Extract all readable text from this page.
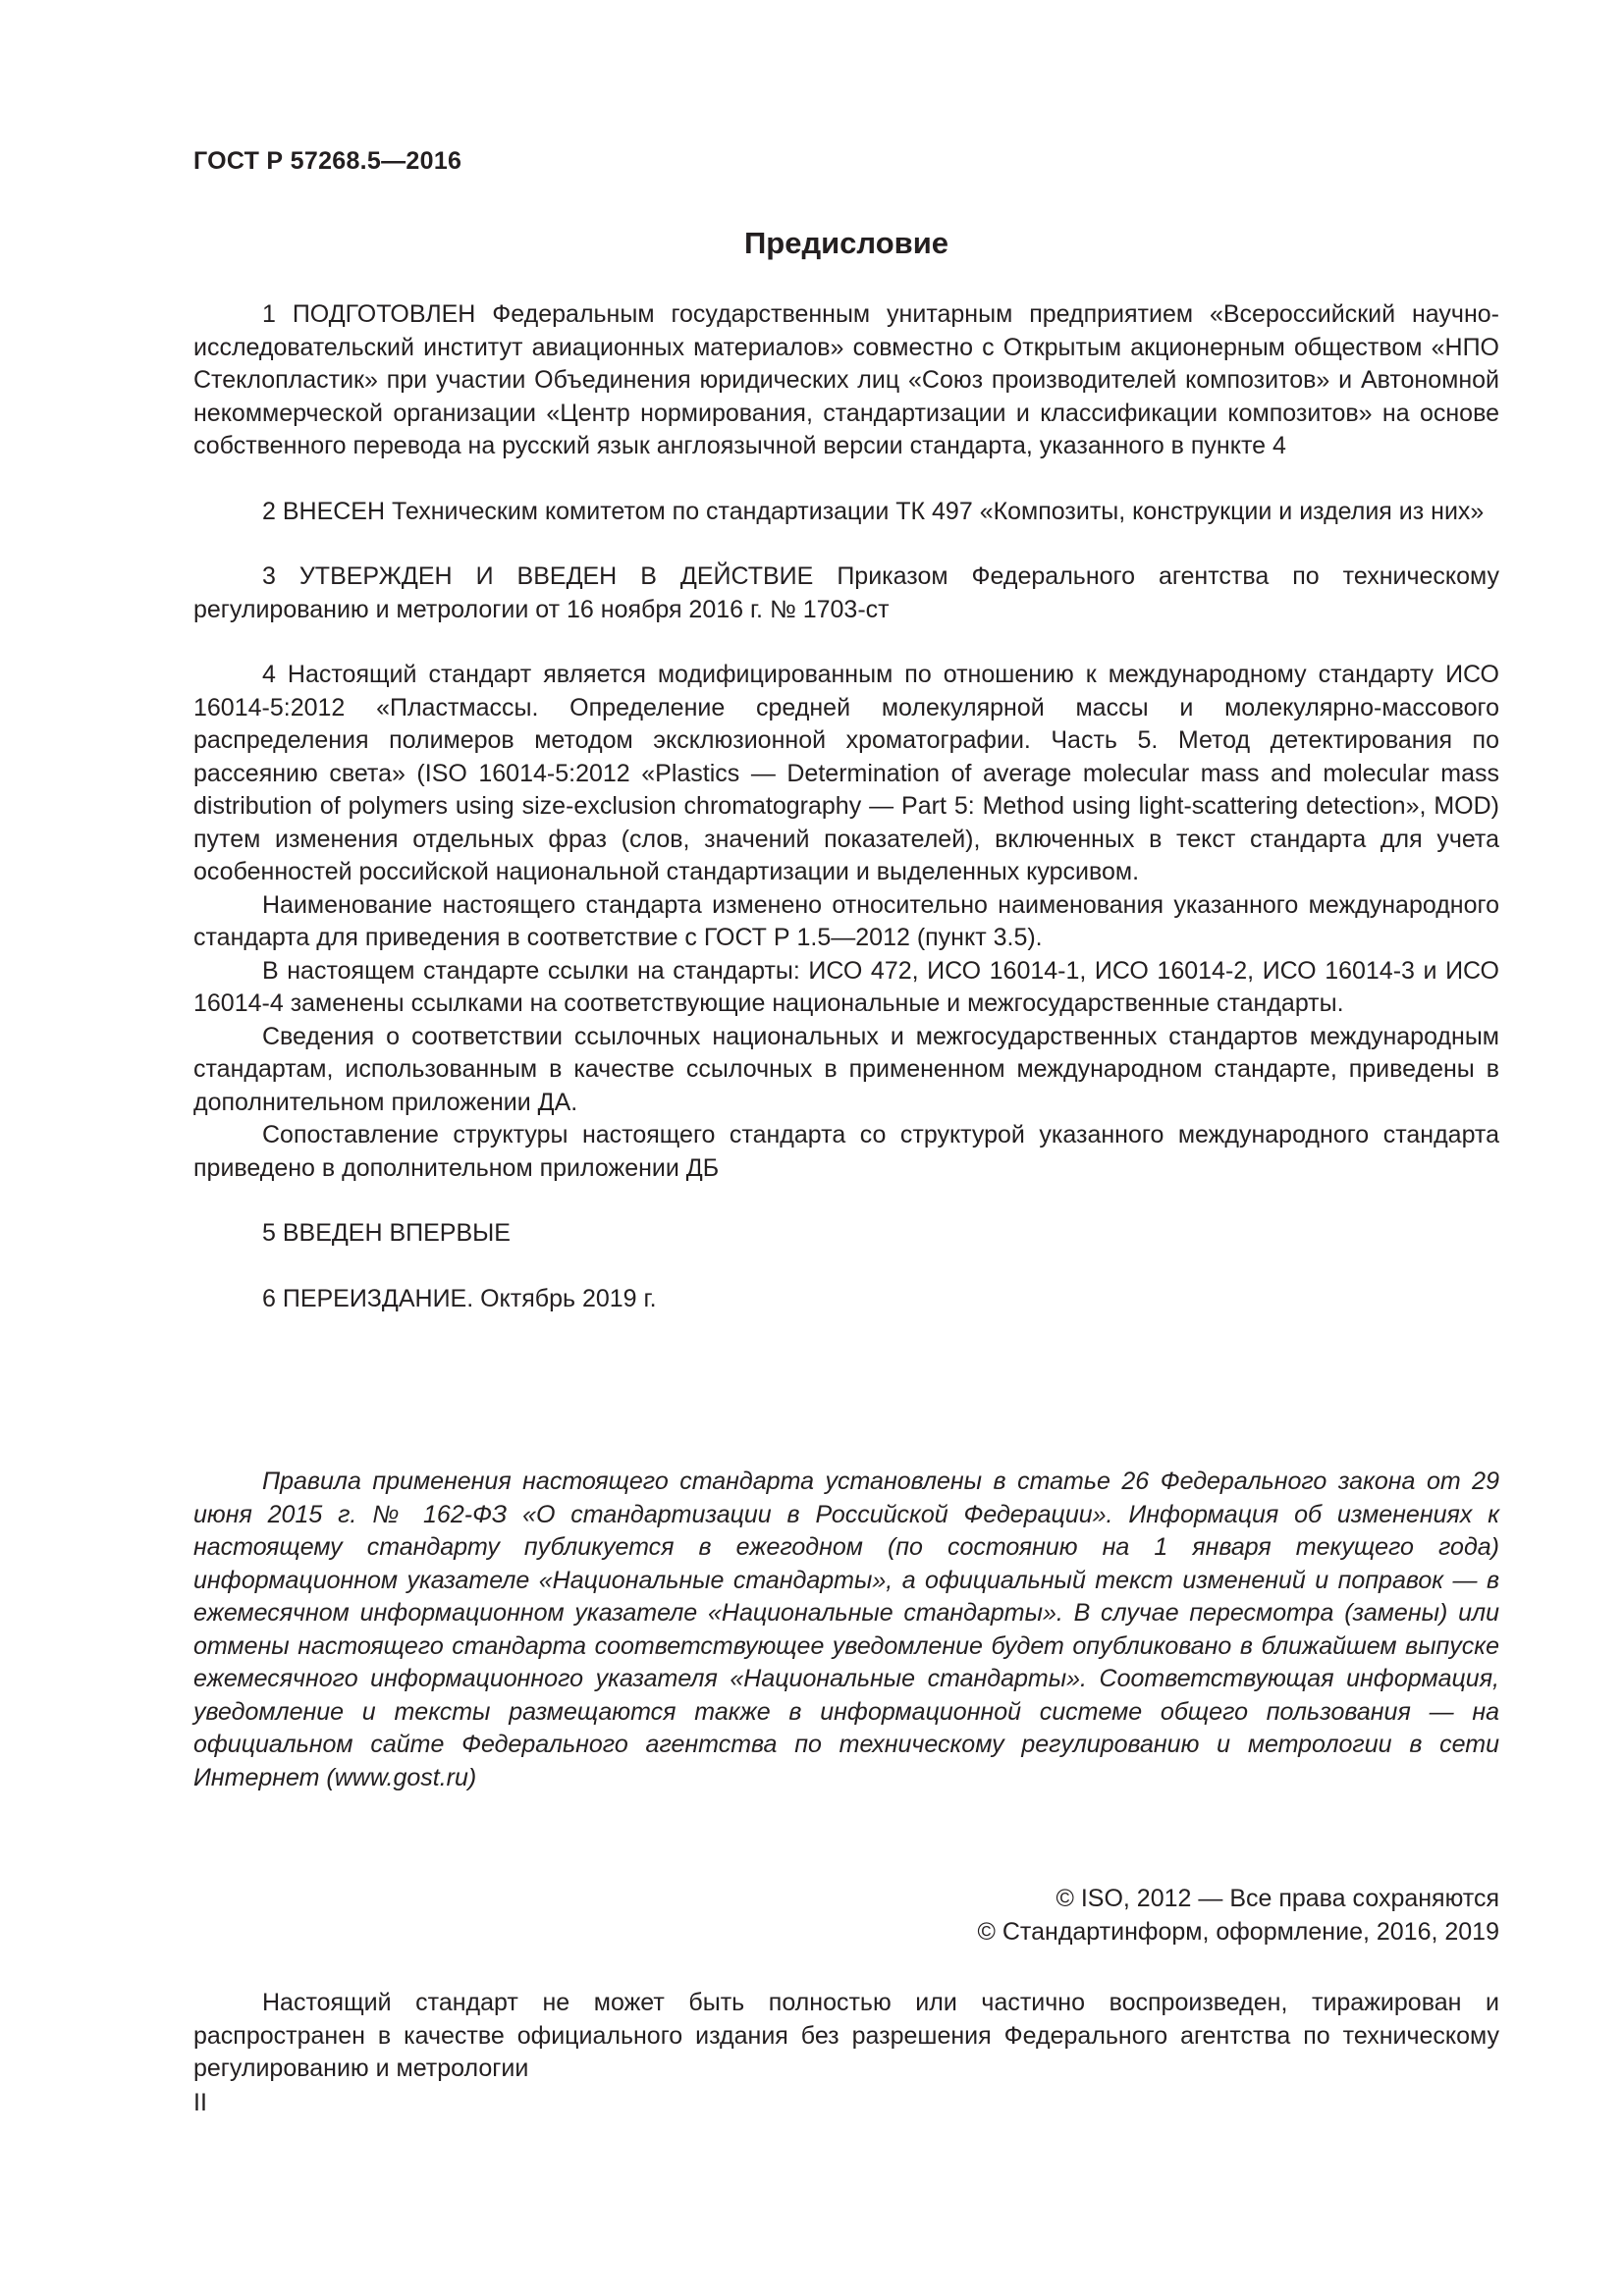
ГОСТ Р 57268.5—2016
Предисловие

1 ПОДГОТОВЛЕН Федеральным государственным унитарным предприятием «Всероссийский научно-исследовательский институт авиационных материалов» совместно с Открытым акционерным обществом «НПО Стеклопластик» при участии Объединения юридических лиц «Союз производителей композитов» и Автономной некоммерческой организации «Центр нормирования, стандартизации и классификации композитов» на основе собственного перевода на русский язык англоязычной версии стандарта, указанного в пункте 4

2 ВНЕСЕН Техническим комитетом по стандартизации ТК 497 «Композиты, конструкции и изделия из них»

3 УТВЕРЖДЕН И ВВЕДЕН В ДЕЙСТВИЕ Приказом Федерального агентства по техническому регулированию и метрологии от 16 ноября 2016 г. № 1703-ст

4 Настоящий стандарт является модифицированным по отношению к международному стандарту ИСО 16014-5:2012 «Пластмассы. Определение средней молекулярной массы и молекулярно-массового распределения полимеров методом эксклюзионной хроматографии. Часть 5. Метод детектирования по рассеянию света» (ISO 16014-5:2012 «Plastics — Determination of average molecular mass and molecular mass distribution of polymers using size-exclusion chromatography — Part 5: Method using light-scattering detection», MOD) путем изменения отдельных фраз (слов, значений показателей), включенных в текст стандарта для учета особенностей российской национальной стандартизации и выделенных курсивом.

Наименование настоящего стандарта изменено относительно наименования указанного международного стандарта для приведения в соответствие с ГОСТ Р 1.5—2012 (пункт 3.5).

В настоящем стандарте ссылки на стандарты: ИСО 472, ИСО 16014-1, ИСО 16014-2, ИСО 16014-3 и ИСО 16014-4 заменены ссылками на соответствующие национальные и межгосударственные стандарты.

Сведения о соответствии ссылочных национальных и межгосударственных стандартов международным стандартам, использованным в качестве ссылочных в примененном международном стандарте, приведены в дополнительном приложении ДА.

Сопоставление структуры настоящего стандарта со структурой указанного международного стандарта приведено в дополнительном приложении ДБ

5 ВВЕДЕН ВПЕРВЫЕ

6 ПЕРЕИЗДАНИЕ. Октябрь 2019 г.

Правила применения настоящего стандарта установлены в статье 26 Федерального закона от 29 июня 2015 г. № 162-ФЗ «О стандартизации в Российской Федерации». Информация об изменениях к настоящему стандарту публикуется в ежегодном (по состоянию на 1 января текущего года) информационном указателе «Национальные стандарты», а официальный текст изменений и поправок — в ежемесячном информационном указателе «Национальные стандарты». В случае пересмотра (замены) или отмены настоящего стандарта соответствующее уведомление будет опубликовано в ближайшем выпуске ежемесячного информационного указателя «Национальные стандарты». Соответствующая информация, уведомление и тексты размещаются также в информационной системе общего пользования — на официальном сайте Федерального агентства по техническому регулированию и метрологии в сети Интернет (www.gost.ru)

© ISO, 2012 — Все права сохраняются
© Стандартинформ, оформление, 2016, 2019

Настоящий стандарт не может быть полностью или частично воспроизведен, тиражирован и распространен в качестве официального издания без разрешения Федерального агентства по техническому регулированию и метрологии

II
